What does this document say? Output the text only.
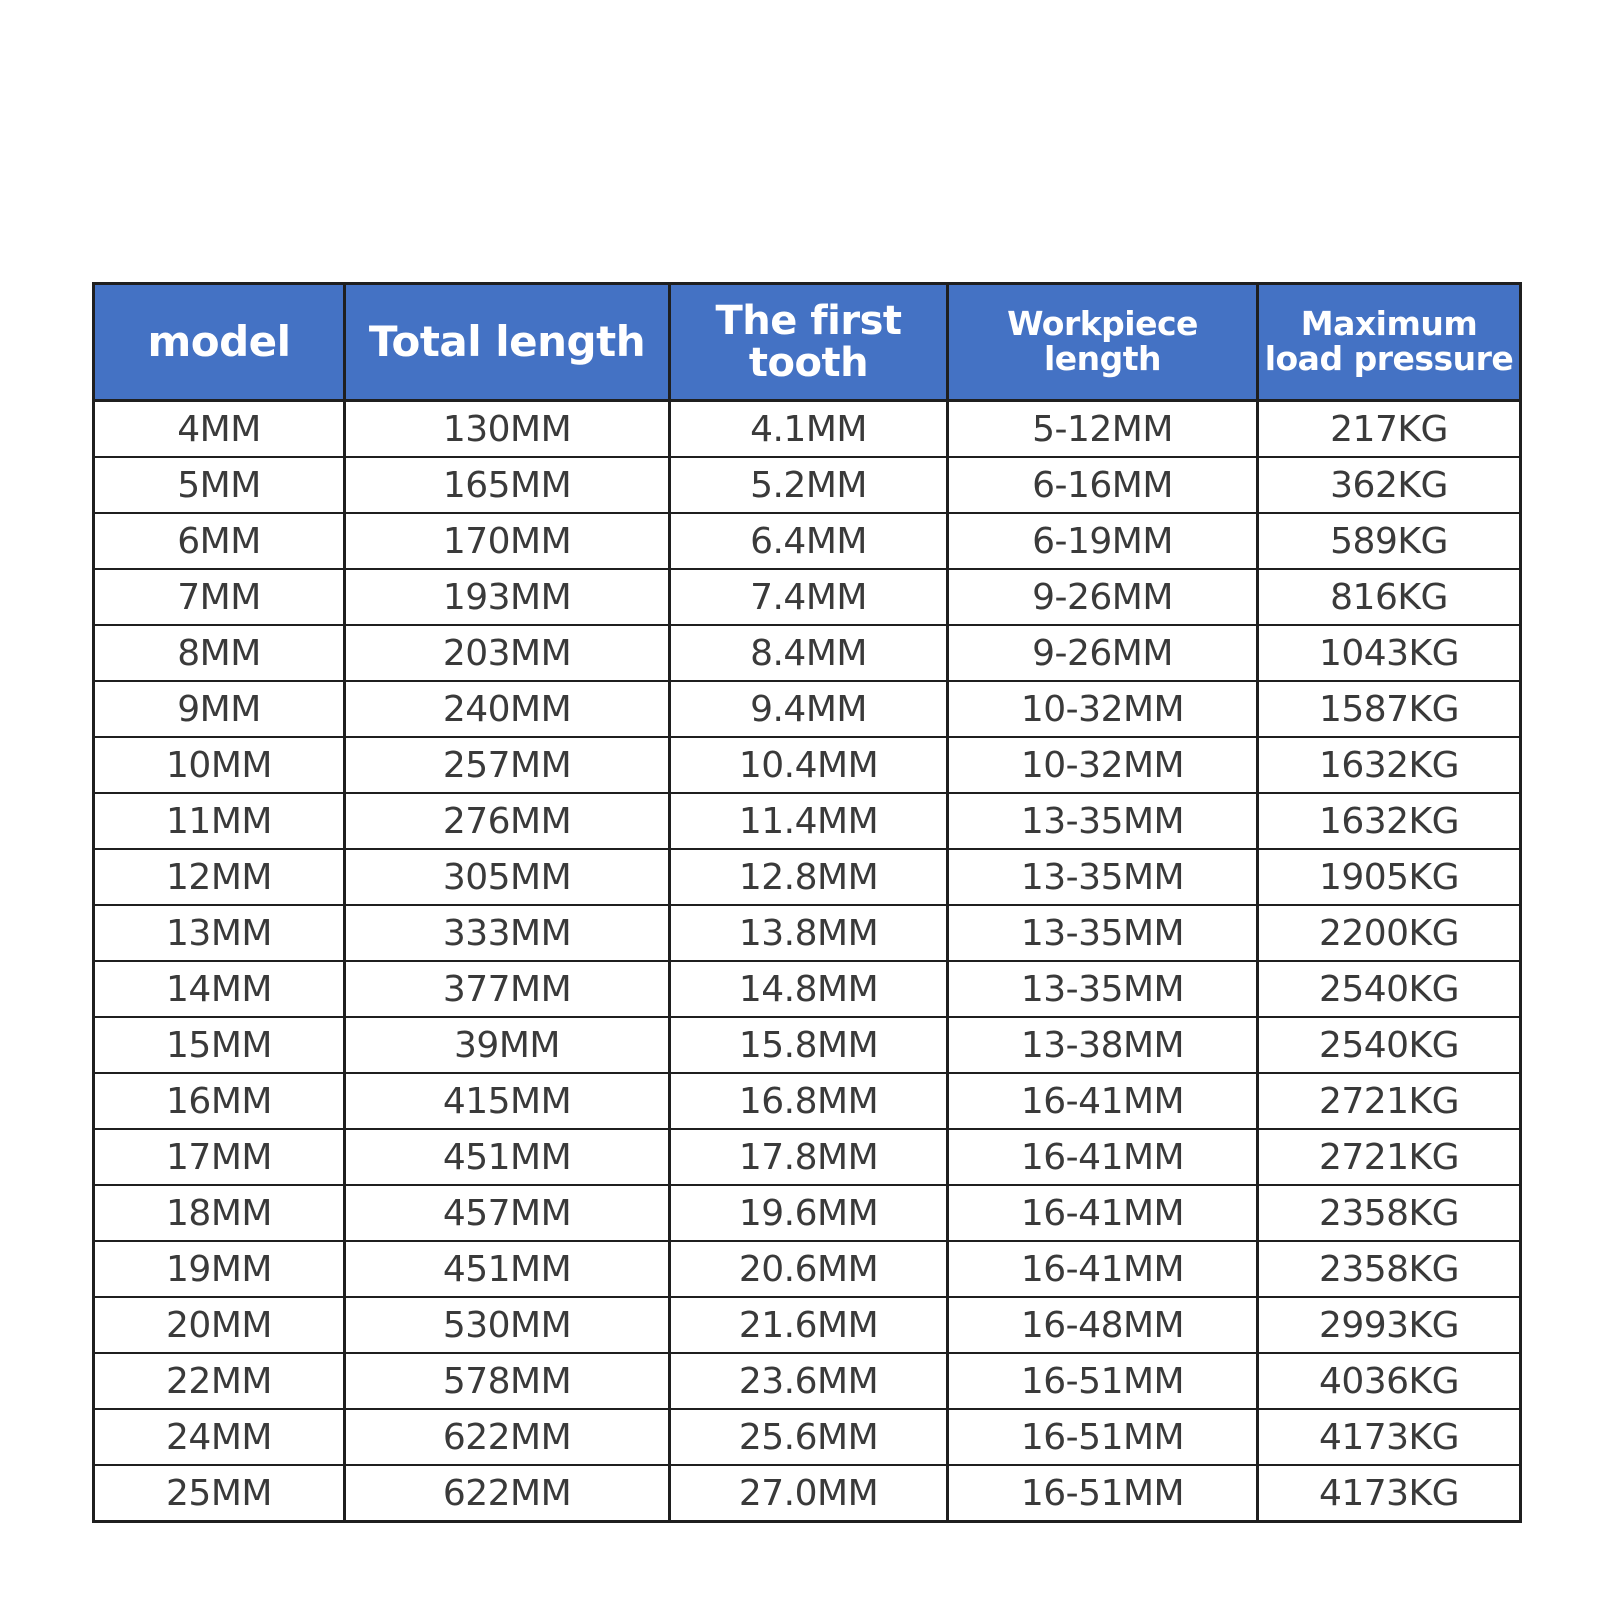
model	Total length	The first tooth	Workpiece length	Maximum
load pressure
4MM	130MM	4.1MM	5-12MM	217KG
5MM	165MM	5.2MM	6-16MM	362KG
6MM	170MM	6.4MM	6-19MM	589KG
7MM	193MM	7.4MM	9-26MM	816KG
8MM	203MM	8.4MM	9-26MM	1043KG
9MM	240MM	9.4MM	10-32MM	1587KG
10MM	257MM	10.4MM	10-32MM	1632KG
11MM	276MM	11.4MM	13-35MM	1632KG
12MM	305MM	12.8MM	13-35MM	1905KG
13MM	333MM	13.8MM	13-35MM	2200KG
14MM	377MM	14.8MM	13-35MM	2540KG
15MM	39MM	15.8MM	13-38MM	2540KG
16MM	415MM	16.8MM	16-41MM	2721KG
17MM	451MM	17.8MM	16-41MM	2721KG
18MM	457MM	19.6MM	16-41MM	2358KG
19MM	451MM	20.6MM	16-41MM	2358KG
20MM	530MM	21.6MM	16-48MM	2993KG
22MM	578MM	23.6MM	16-51MM	4036KG
24MM	622MM	25.6MM	16-51MM	4173KG
25MM	622MM	27.0MM	16-51MM	4173KG
